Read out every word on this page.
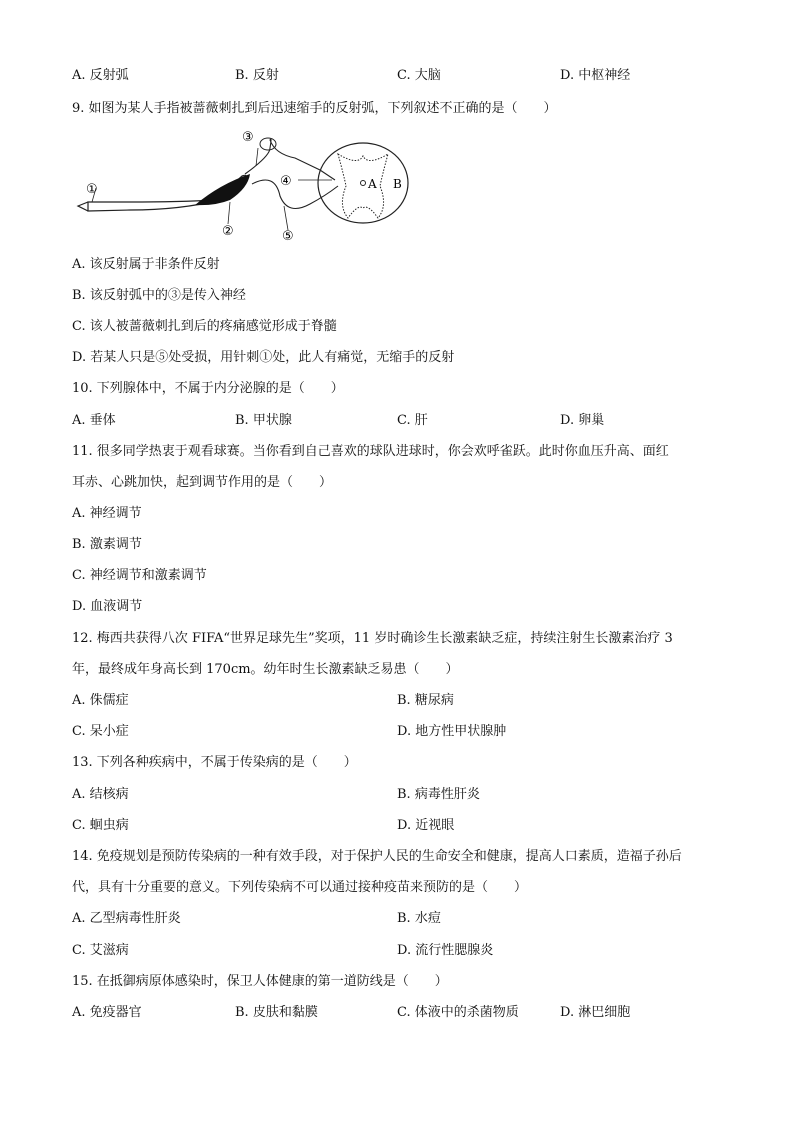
A. 反射弧	B. 反射	C. 大脑	D. 中枢神经
9. 如图为某人手指被蔷薇刺扎到后迅速缩手的反射弧，下列叙述不正确的是（　　）
①
②
③
④
⑤
A B
A. 该反射属于非条件反射
B. 该反射弧中的③是传入神经
C. 该人被蔷薇刺扎到后的疼痛感觉形成于脊髓
D. 若某人只是⑤处受损，用针刺①处，此人有痛觉，无缩手的反射
10. 下列腺体中，不属于内分泌腺的是（　　）
A. 垂体	B. 甲状腺	C. 肝	D. 卵巢
11. 很多同学热衷于观看球赛。当你看到自己喜欢的球队进球时，你会欢呼雀跃。此时你血压升高、面红
耳赤、心跳加快，起到调节作用的是（　　）
A. 神经调节
B. 激素调节
C. 神经调节和激素调节
D. 血液调节
12. 梅西共获得八次 FIFA“世界足球先生”奖项，11 岁时确诊生长激素缺乏症，持续注射生长激素治疗 3
年，最终成年身高长到 170cm。幼年时生长激素缺乏易患（　　）
A. 侏儒症	B. 糖尿病
C. 呆小症	D. 地方性甲状腺肿
13. 下列各种疾病中，不属于传染病的是（　　）
A. 结核病	B. 病毒性肝炎
C. 蛔虫病	D. 近视眼
14. 免疫规划是预防传染病的一种有效手段，对于保护人民的生命安全和健康，提高人口素质，造福子孙后
代，具有十分重要的意义。下列传染病不可以通过接种疫苗来预防的是（　　）
A. 乙型病毒性肝炎	B. 水痘
C. 艾滋病	D. 流行性腮腺炎
15. 在抵御病原体感染时，保卫人体健康的第一道防线是（　　）
A. 免疫器官	B. 皮肤和黏膜	C. 体液中的杀菌物质	D. 淋巴细胞
